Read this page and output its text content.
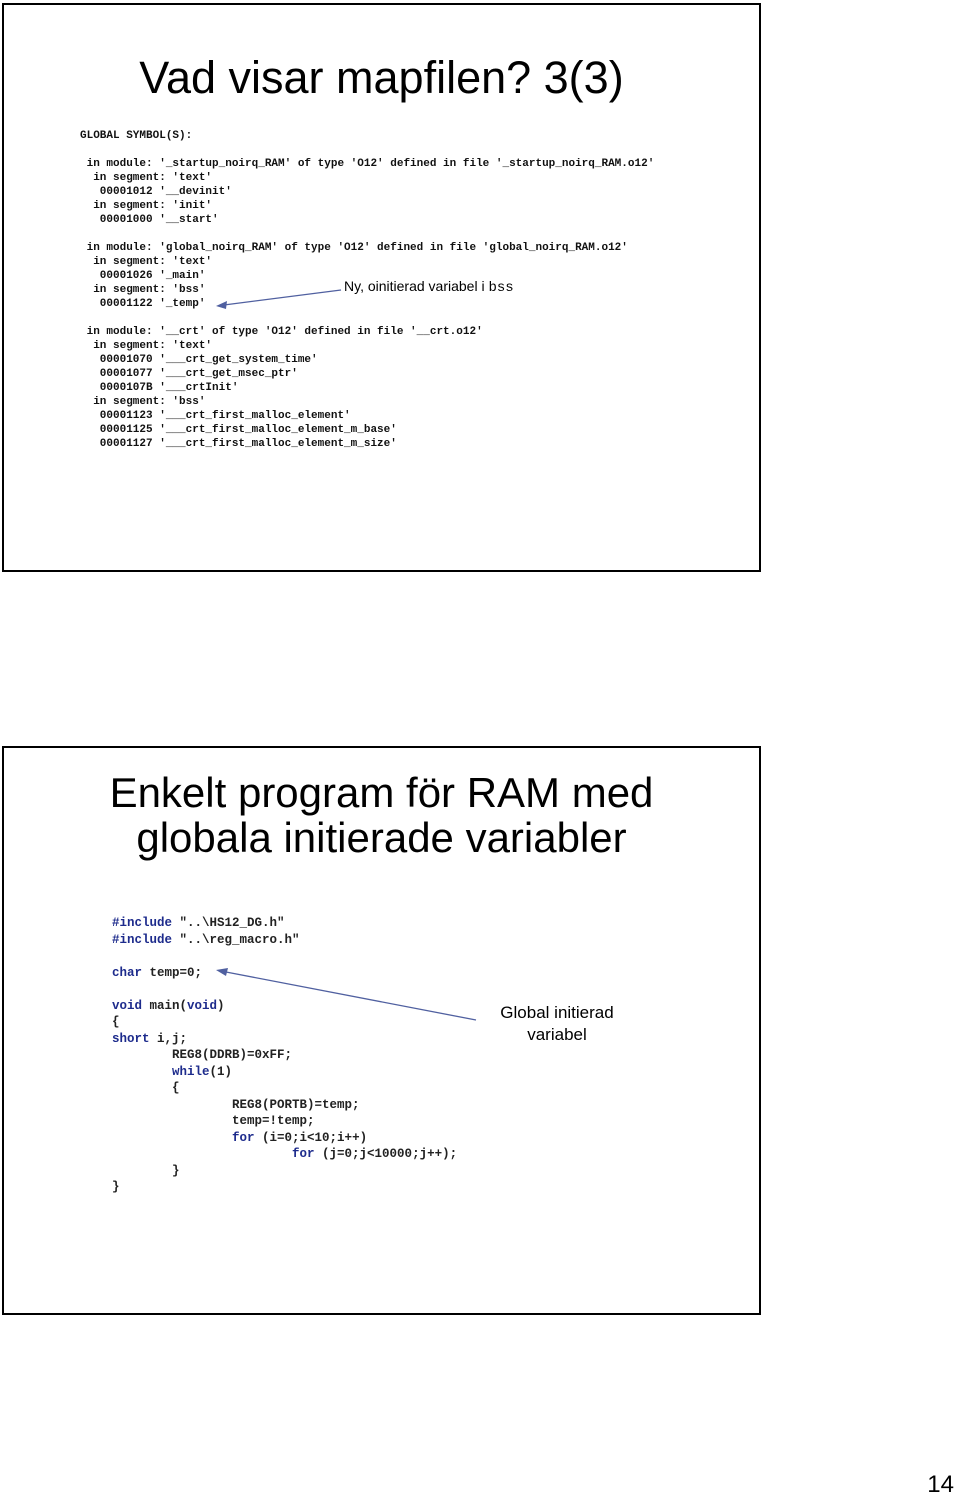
Vad visar mapfilen? 3(3)
GLOBAL SYMBOL(S):
in module: '_startup_noirq_RAM' of type 'O12' defined in file '_startup_noirq_RAM.o12'
in segment: 'text'
00001012 '__devinit'
in segment: 'init'
00001000 '__start'
in module: 'global_noirq_RAM' of type 'O12' defined in file 'global_noirq_RAM.o12'
in segment: 'text'
00001026 '_main'
in segment: 'bss'
00001122 '_temp'
in module: '__crt' of type 'O12' defined in file '__crt.o12'
in segment: 'text'
00001070 '___crt_get_system_time'
00001077 '___crt_get_msec_ptr'
0000107B '___crtInit'
in segment: 'bss'
00001123 '___crt_first_malloc_element'
00001125 '___crt_first_malloc_element_m_base'
00001127 '___crt_first_malloc_element_m_size'
Ny, oinitierad variabel i bss
Enkelt program för RAM med
globala initierade variabler
#include "..\HS12_DG.h"
#include "..\reg_macro.h"
char temp=0;
void main(void)
{
short i,j;
REG8(DDRB)=0xFF;
while(1)
{
REG8(PORTB)=temp;
temp=!temp;
for (i=0;i<10;i++)
for (j=0;j<10000;j++);
}
}
Global initierad
variabel
14
